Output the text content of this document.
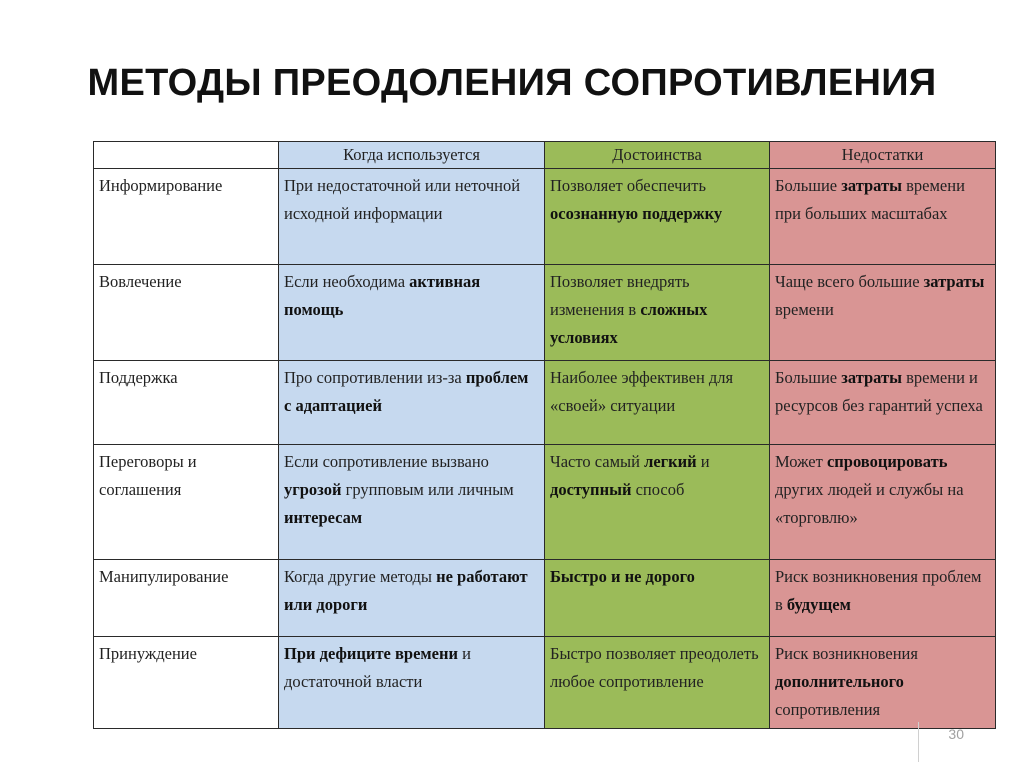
МЕТОДЫ ПРЕОДОЛЕНИЯ СОПРОТИВЛЕНИЯ
	Когда используется	Достоинства	Недостатки
Информирование	При недостаточной или неточной исходной информации	Позволяет обеспечить осознанную поддержку	Большие затраты времени при больших масштабах
Вовлечение	Если необходима активная помощь	Позволяет внедрять изменения в сложных условиях	Чаще всего большие затраты времени
Поддержка	Про сопротивлении из-за проблем с адаптацией	Наиболее эффективен для «своей» ситуации	Большие затраты времени и ресурсов без гарантий успеха
Переговоры и соглашения	Если сопротивление вызвано угрозой групповым или личным интересам	Часто самый легкий и доступный способ	Может спровоцировать других людей и службы на «торговлю»
Манипулирование	Когда другие методы не работают или дороги	Быстро и не дорого	Риск возникновения проблем в будущем
Принуждение	При дефиците времени и достаточной власти	Быстро позволяет преодолеть любое сопротивление	Риск возникновения дополнительного сопротивления
30
